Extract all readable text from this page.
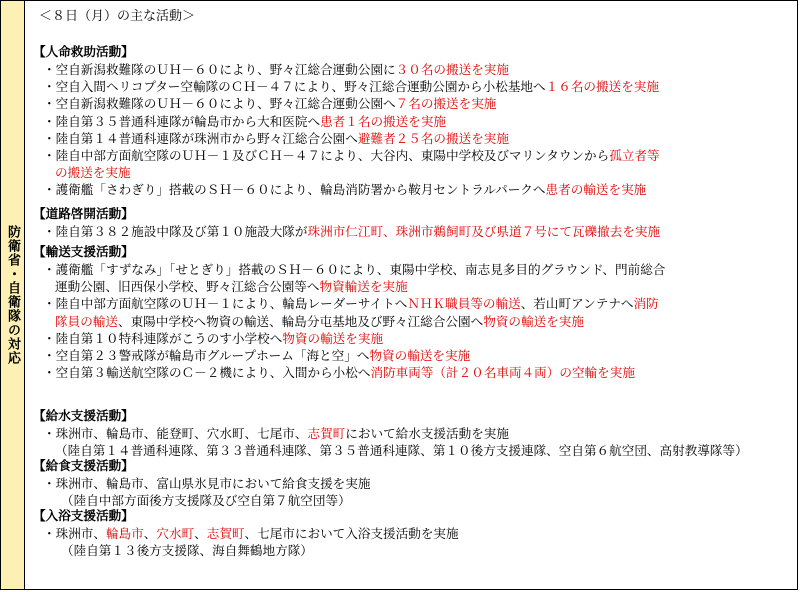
防衛省・自衛隊の対応
＜８日（月）の主な活動＞
【人命救助活動】
・空自新潟救難隊のＵＨ－６０により、野々江総合運動公園に３０名の搬送を実施
・空自入間ヘリコプター空輸隊のＣＨ－４７により、野々江総合運動公園から小松基地へ１６名の搬送を実施
・空自新潟救難隊のＵＨ－６０により、野々江総合運動公園へ７名の搬送を実施
・陸自第３５普通科連隊が輪島市から大和医院へ患者１名の搬送を実施
・陸自第１４普通科連隊が珠洲市から野々江総合公園へ避難者２５名の搬送を実施
・陸自中部方面航空隊のＵＨ－１及びＣＨ－４７により、大谷内、東陽中学校及びマリンタウンから孤立者等
の搬送を実施
・護衛艦「さわぎり」搭載のＳＨ－６０により、輪島消防署から鞍月セントラルパークへ患者の輸送を実施
【道路啓開活動】
・陸自第３８２施設中隊及び第１０施設大隊が珠洲市仁江町、珠洲市鵜飼町及び県道７号にて瓦礫撤去を実施
【輸送支援活動】
・護衛艦「すずなみ」「せとぎり」搭載のＳＨ－６０により、東陽中学校、南志見多目的グラウンド、門前総合
運動公園、旧西保小学校、野々江総合公園等へ物資輸送を実施
・陸自中部方面航空隊のＵＨ－１により、輪島レーダーサイトへＮＨＫ職員等の輸送、若山町アンテナへ消防
隊員の輸送、東陽中学校へ物資の輸送、輪島分屯基地及び野々江総合公園へ物資の輸送を実施
・陸自第１０特科連隊がこうのす小学校へ物資の輸送を実施
・空自第２３警戒隊が輪島市グループホーム「海と空」へ物資の輸送を実施
・空自第３輸送航空隊のＣ－２機により、入間から小松へ消防車両等（計２０名車両４両）の空輸を実施
【給水支援活動】
・珠洲市、輪島市、能登町、穴水町、七尾市、志賀町において給水支援活動を実施
（陸自第１４普通科連隊、第３３普通科連隊、第３５普通科連隊、第１０後方支援連隊、空自第６航空団、高射教導隊等）
【給食支援活動】
・珠洲市、輪島市、富山県氷見市において給食支援を実施
（陸自中部方面後方支援隊及び空自第７航空団等）
【入浴支援活動】
・珠洲市、輪島市、穴水町、志賀町、七尾市において入浴支援活動を実施
（陸自第１３後方支援隊、海自舞鶴地方隊）
